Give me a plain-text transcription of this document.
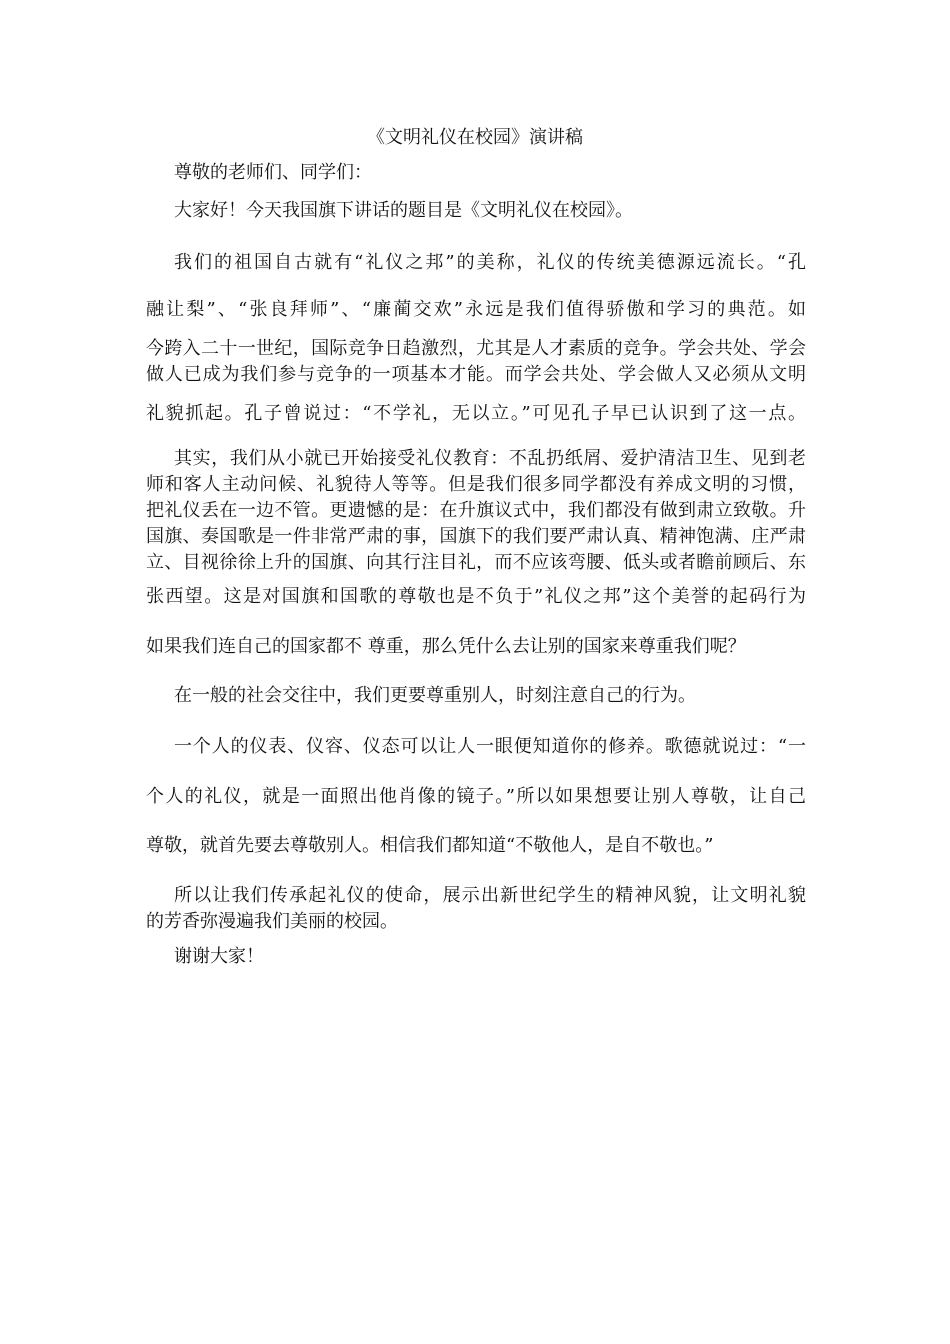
《文明礼仪在校园》演讲稿
尊敬的老师们、同学们：
大家好！今天我国旗下讲话的题目是《文明礼仪在校园》。
我们的祖国自古就有“礼仪之邦”的美称，礼仪的传统美德源远流长。“孔
融让梨”、“张良拜师”、“廉蔺交欢”永远是我们值得骄傲和学习的典范。如
今跨入二十一世纪，国际竞争日趋激烈，尤其是人才素质的竞争。学会共处、学会
做人已成为我们参与竞争的一项基本才能。而学会共处、学会做人又必须从文明
礼貌抓起。孔子曾说过：“不学礼，无以立。”可见孔子早已认识到了这一点。
其实，我们从小就已开始接受礼仪教育：不乱扔纸屑、爱护清洁卫生、见到老
师和客人主动问候、礼貌待人等等。但是我们很多同学都没有养成文明的习惯，
把礼仪丢在一边不管。更遗憾的是：在升旗议式中，我们都没有做到肃立致敬。升
国旗、奏国歌是一件非常严肃的事，国旗下的我们要严肃认真、精神饱满、庄严肃
立、目视徐徐上升的国旗、向其行注目礼，而不应该弯腰、低头或者瞻前顾后、东
张西望。这是对国旗和国歌的尊敬也是不负于”礼仪之邦”这个美誉的起码行为
如果我们连自己的国家都不 尊重，那么凭什么去让别的国家来尊重我们呢？
在一般的社会交往中，我们更要尊重别人，时刻注意自己的行为。
一个人的仪表、仪容、仪态可以让人一眼便知道你的修养。歌德就说过：“一
个人的礼仪，就是一面照出他肖像的镜子。”所以如果想要让别人尊敬，让自己
尊敬，就首先要去尊敬别人。相信我们都知道“不敬他人，是自不敬也。”
所以让我们传承起礼仪的使命，展示出新世纪学生的精神风貌，让文明礼貌
的芳香弥漫遍我们美丽的校园。
谢谢大家！
